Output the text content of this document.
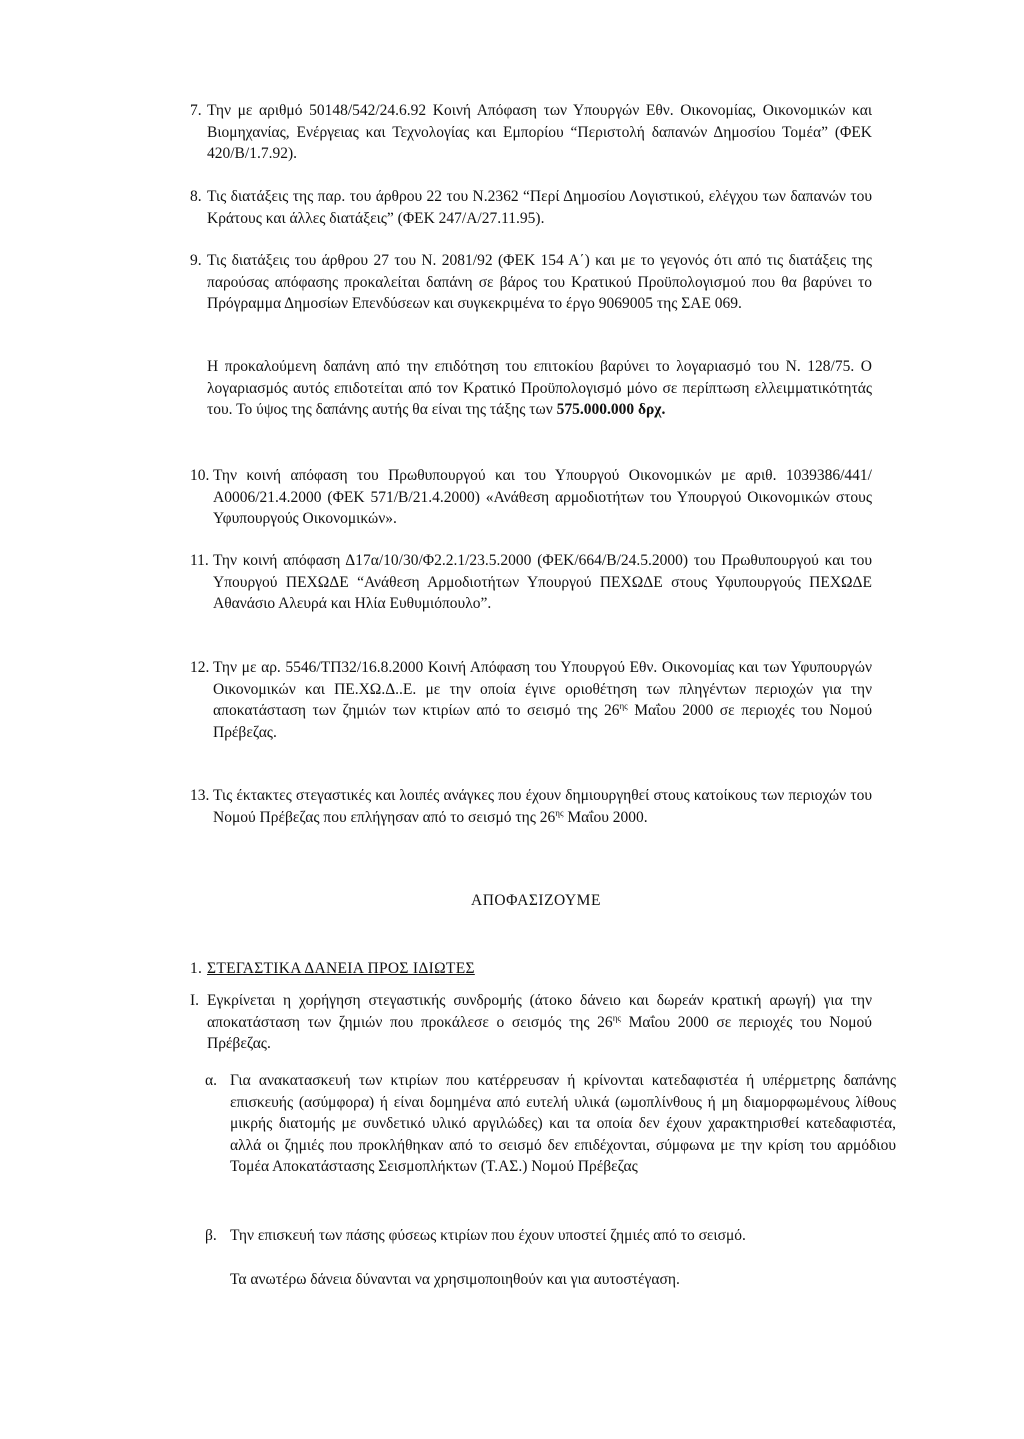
7. Την με αριθμό 50148/542/24.6.92 Κοινή Απόφαση των Υπουργών Εθν. Οικονομίας, Οικονομικών και Βιομηχανίας, Ενέργειας και Τεχνολογίας και Εμπορίου “Περιστολή δαπανών Δημοσίου Τομέα” (ΦΕΚ 420/Β/1.7.92).
8. Τις διατάξεις της παρ. του άρθρου 22 του Ν.2362 “Περί Δημοσίου Λογιστικού, ελέγχου των δαπανών του Κράτους και άλλες διατάξεις” (ΦΕΚ 247/Α/27.11.95).
9. Τις διατάξεις του άρθρου 27 του Ν. 2081/92 (ΦΕΚ 154 Α΄) και με το γεγονός ότι από τις διατάξεις της παρούσας απόφασης προκαλείται δαπάνη σε βάρος του Κρατικού Προϋπολογισμού που θα βαρύνει το Πρόγραμμα Δημοσίων Επενδύσεων και συγκεκριμένα το έργο 9069005 της ΣΑΕ 069.
Η προκαλούμενη δαπάνη από την επιδότηση του επιτοκίου βαρύνει το λογαριασμό του Ν. 128/75. Ο λογαριασμός αυτός επιδοτείται από τον Κρατικό Προϋπολογισμό μόνο σε περίπτωση ελλειμματικότητάς του. Το ύψος της δαπάνης αυτής θα είναι της τάξης των 575.000.000 δρχ.
10. Την κοινή απόφαση του Πρωθυπουργού και του Υπουργού Οικονομικών με αριθ. 1039386/441/Α0006/21.4.2000 (ΦΕΚ 571/Β/21.4.2000) «Ανάθεση αρμοδιοτήτων του Υπουργού Οικονομικών στους Υφυπουργούς Οικονομικών».
11. Την κοινή απόφαση Δ17α/10/30/Φ2.2.1/23.5.2000 (ΦΕΚ/664/Β/24.5.2000) του Πρωθυπουργού και του Υπουργού ΠΕΧΩΔΕ “Ανάθεση Αρμοδιοτήτων Υπουργού ΠΕΧΩΔΕ στους Υφυπουργούς ΠΕΧΩΔΕ Αθανάσιο Αλευρά και Ηλία Ευθυμιόπουλο”.
12. Την με αρ. 5546/ΤΠ32/16.8.2000 Κοινή Απόφαση του Υπουργού Εθν. Οικονομίας και των Υφυπουργών Οικονομικών και ΠΕ.ΧΩ.Δ..Ε. με την οποία έγινε οριοθέτηση των πληγέντων περιοχών για την αποκατάσταση των ζημιών των κτιρίων από το σεισμό της $26^{\eta\varsigma}$ Μαΐου 2000 σε περιοχές του Νομού Πρέβεζας.
13. Τις έκτακτες στεγαστικές και λοιπές ανάγκες που έχουν δημιουργηθεί στους κατοίκους των περιοχών του Νομού Πρέβεζας που επλήγησαν από το σεισμό της $26^{\eta\varsigma}$ Μαΐου 2000.
ΑΠΟΦΑΣΙΖΟΥΜΕ
1. ΣΤΕΓΑΣΤΙΚΑ ΔΑΝΕΙΑ ΠΡΟΣ ΙΔΙΩΤΕΣ
Ι. Εγκρίνεται η χορήγηση στεγαστικής συνδρομής (άτοκο δάνειο και δωρεάν κρατική αρωγή) για την αποκατάσταση των ζημιών που προκάλεσε ο σεισμός της $26^{\eta\varsigma}$ Μαΐου 2000 σε περιοχές του Νομού Πρέβεζας.
α. Για ανακατασκευή των κτιρίων που κατέρρευσαν ή κρίνονται κατεδαφιστέα ή υπέρμετρης δαπάνης επισκευής (ασύμφορα) ή είναι δομημένα από ευτελή υλικά (ωμοπλίνθους ή μη διαμορφωμένους λίθους μικρής διατομής με συνδετικό υλικό αργιλώδες) και τα οποία δεν έχουν χαρακτηρισθεί κατεδαφιστέα, αλλά οι ζημιές που προκλήθηκαν από το σεισμό δεν επιδέχονται, σύμφωνα με την κρίση του αρμόδιου Τομέα Αποκατάστασης Σεισμοπλήκτων (Τ.ΑΣ.) Νομού Πρέβεζας
β. Την επισκευή των πάσης φύσεως κτιρίων που έχουν υποστεί ζημιές από το σεισμό.
Τα ανωτέρω δάνεια δύνανται να χρησιμοποιηθούν και για αυτοστέγαση.
